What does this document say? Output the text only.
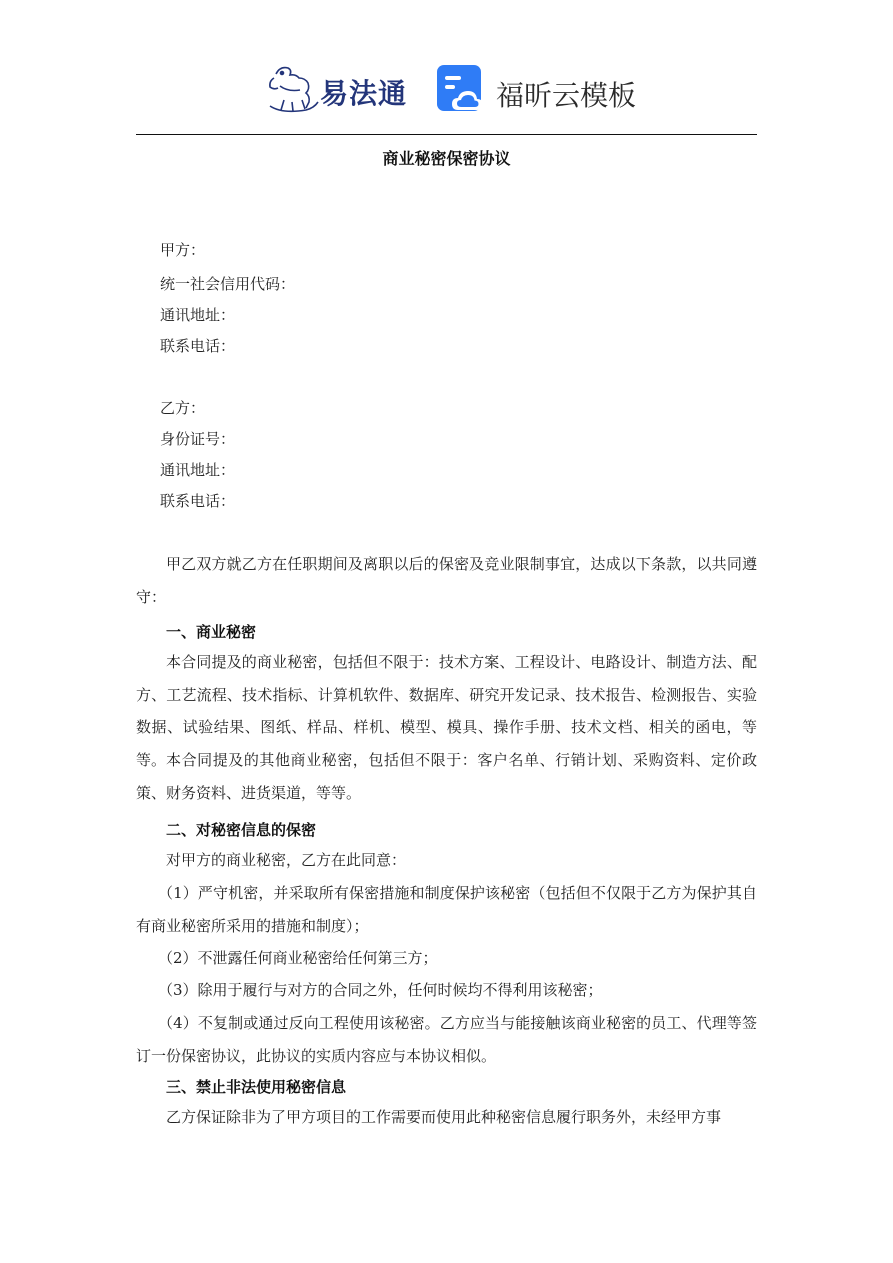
易法通	福昕云模板
商业秘密保密协议
甲方：
统一社会信用代码：
通讯地址：
联系电话：
乙方：
身份证号：
通讯地址：
联系电话：
甲乙双方就乙方在任职期间及离职以后的保密及竞业限制事宜，达成以下条款，以共同遵守：
一、商业秘密
本合同提及的商业秘密，包括但不限于：技术方案、工程设计、电路设计、制造方法、配方、工艺流程、技术指标、计算机软件、数据库、研究开发记录、技术报告、检测报告、实验数据、试验结果、图纸、样品、样机、模型、模具、操作手册、技术文档、相关的函电，等等。 本合同提及的其他商业秘密，包括但不限于：客户名单、行销计划、采购资料、定价政策、财务资料、进货渠道，等等。
二、对秘密信息的保密
对甲方的商业秘密，乙方在此同意：
（1）严守机密，并采取所有保密措施和制度保护该秘密（包括但不仅限于乙方为保护其自有商业秘密所采用的措施和制度）；
（2）不泄露任何商业秘密给任何第三方；
（3）除用于履行与对方的合同之外，任何时候均不得利用该秘密；
（4）不复制或通过反向工程使用该秘密。乙方应当与能接触该商业秘密的员工、代理等签订一份保密协议，此协议的实质内容应与本协议相似。
三、禁止非法使用秘密信息
乙方保证除非为了甲方项目的工作需要而使用此种秘密信息履行职务外，未经甲方事
